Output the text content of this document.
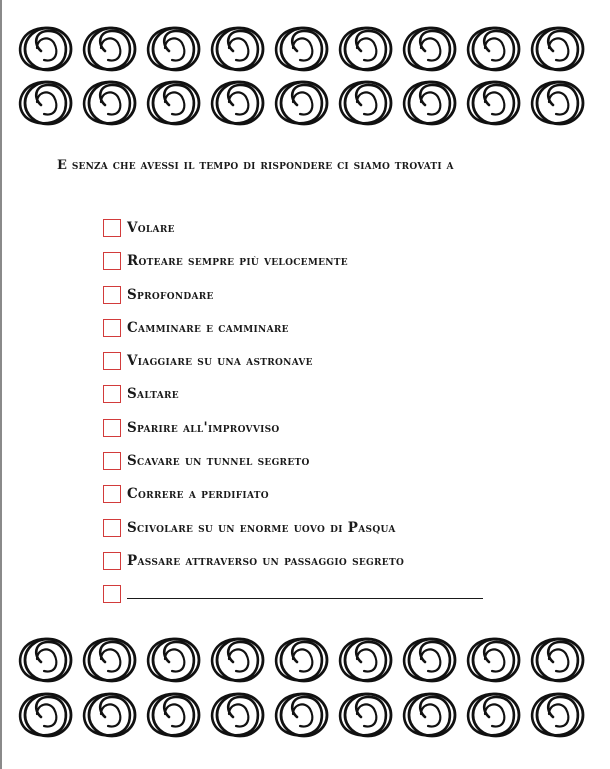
E senza che avessi il tempo di rispondere ci siamo trovati a
Volare
Roteare sempre più velocemente
Sprofondare
Camminare e camminare
Viaggiare su una astronave
Saltare
Sparire all'improvviso
Scavare un tunnel segreto
Correre a perdifiato
Scivolare su un enorme uovo di Pasqua
Passare attraverso un passaggio segreto
